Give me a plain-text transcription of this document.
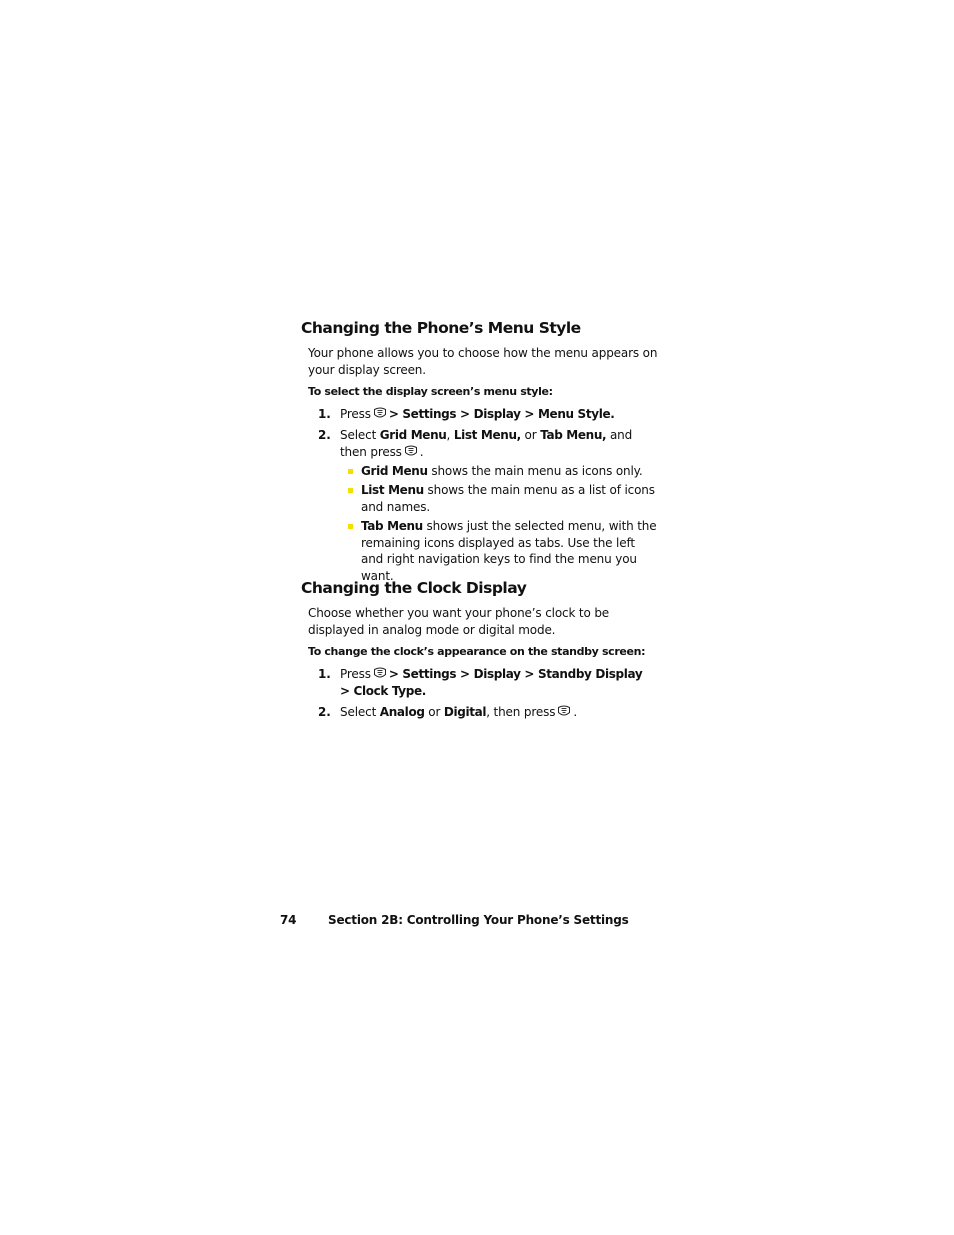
Changing the Phone’s Menu Style

Your phone allows you to choose how the menu appears on your display screen.

To select the display screen’s menu style:

1. Press > Settings > Display > Menu Style.
2. Select Grid Menu, List Menu, or Tab Menu, and then press .
Grid Menu shows the main menu as icons only.
List Menu shows the main menu as a list of icons and names.
Tab Menu shows just the selected menu, with the remaining icons displayed as tabs. Use the left and right navigation keys to find the menu you want.
Changing the Clock Display

Choose whether you want your phone’s clock to be displayed in analog mode or digital mode.

To change the clock’s appearance on the standby screen:

1. Press > Settings > Display > Standby Display
> Clock Type.
2. Select Analog or Digital, then press .
74	Section 2B: Controlling Your Phone’s Settings
